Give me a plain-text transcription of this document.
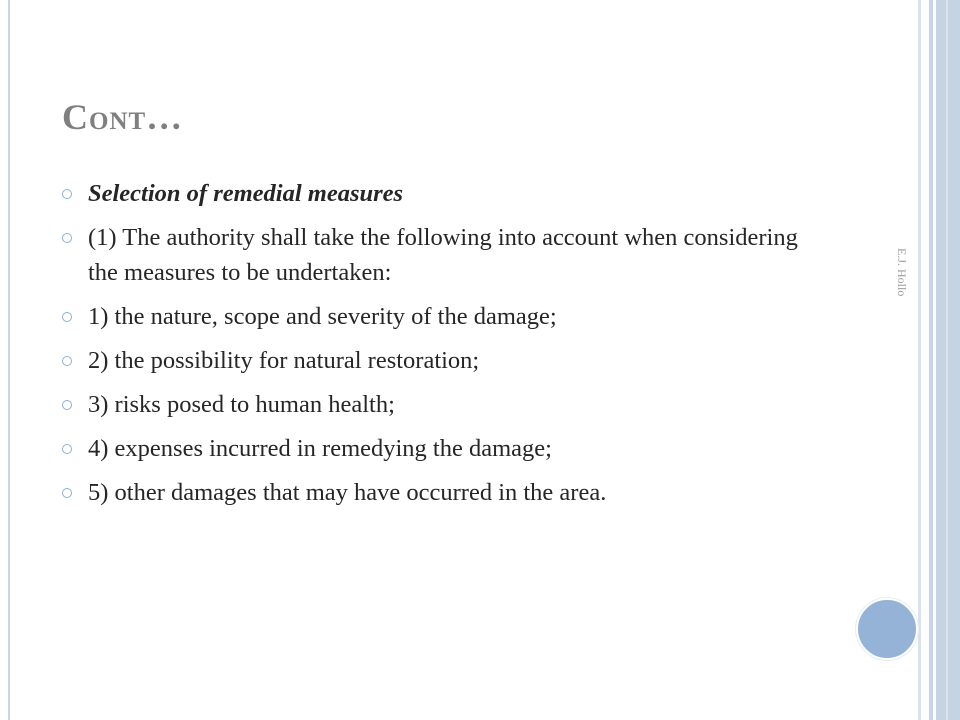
Cont…
E.J. Hollo
Selection of remedial measures
(1) The authority shall take the following into account when considering the measures to be undertaken:
1) the nature, scope and severity of the damage;
2) the possibility for natural restoration;
3) risks posed to human health;
4) expenses incurred in remedying the damage;
5) other damages that may have occurred in the area.
